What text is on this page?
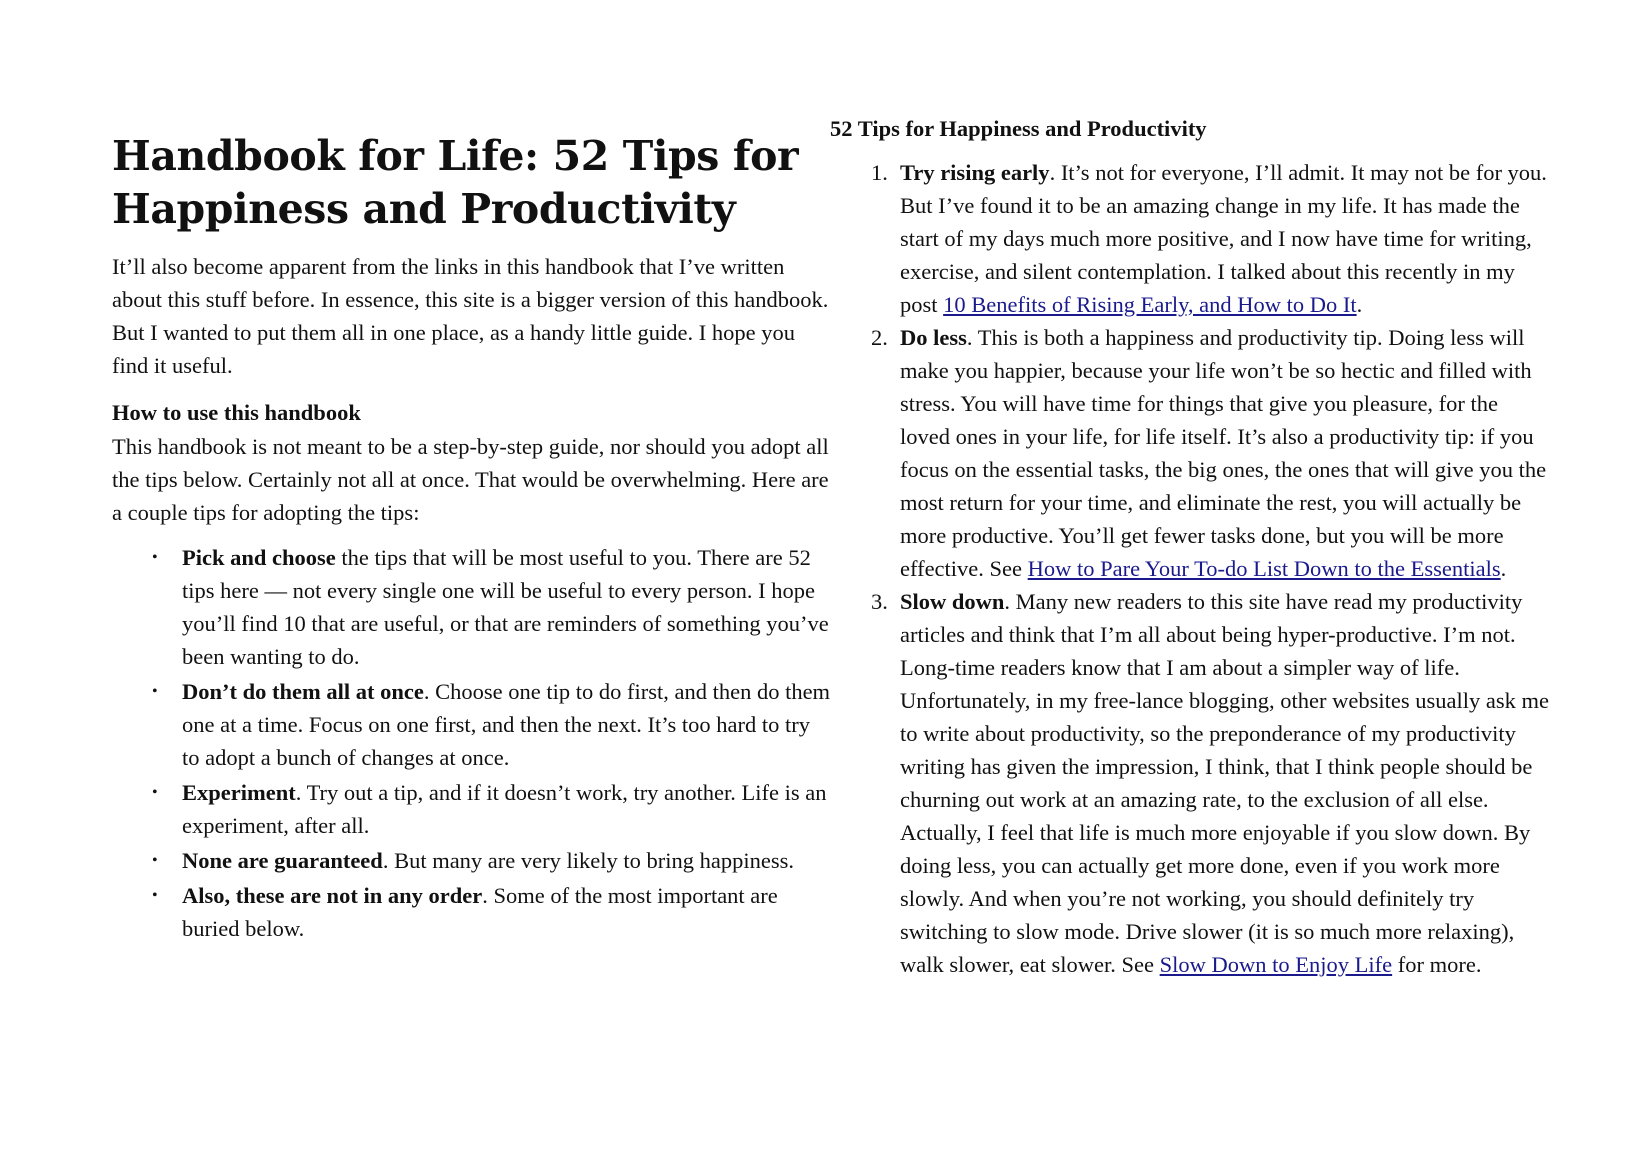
Handbook for Life: 52 Tips for Happiness and Productivity

It’ll also become apparent from the links in this handbook that I’ve written about this stuff before. In essence, this site is a bigger version of this handbook. But I wanted to put them all in one place, as a handy little guide. I hope you find it useful.

How to use this handbook

This handbook is not meant to be a step-by-step guide, nor should you adopt all the tips below. Certainly not all at once. That would be overwhelming. Here are a couple tips for adopting the tips:

• Pick and choose the tips that will be most useful to you. There are 52 tips here — not every single one will be useful to every person. I hope you’ll find 10 that are useful, or that are reminders of something you’ve been wanting to do.
• Don’t do them all at once. Choose one tip to do first, and then do them one at a time. Focus on one first, and then the next. It’s too hard to try to adopt a bunch of changes at once.
• Experiment. Try out a tip, and if it doesn’t work, try another. Life is an experiment, after all.
• None are guaranteed. But many are very likely to bring happiness.
• Also, these are not in any order. Some of the most important are buried below.
52 Tips for Happiness and Productivity
1. Try rising early. It’s not for everyone, I’ll admit. It may not be for you. But I’ve found it to be an amazing change in my life. It has made the start of my days much more positive, and I now have time for writing, exercise, and silent contemplation. I talked about this recently in my post 10 Benefits of Rising Early, and How to Do It.
2. Do less. This is both a happiness and productivity tip. Doing less will make you happier, because your life won’t be so hectic and filled with stress. You will have time for things that give you pleasure, for the loved ones in your life, for life itself. It’s also a productivity tip: if you focus on the essential tasks, the big ones, the ones that will give you the most return for your time, and eliminate the rest, you will actually be more productive. You’ll get fewer tasks done, but you will be more effective. See How to Pare Your To-do List Down to the Essentials.
3. Slow down. Many new readers to this site have read my productivity articles and think that I’m all about being hyper-productive. I’m not. Long-time readers know that I am about a simpler way of life. Unfortunately, in my free-lance blogging, other websites usually ask me to write about productivity, so the preponderance of my productivity writing has given the impression, I think, that I think people should be churning out work at an amazing rate, to the exclusion of all else. Actually, I feel that life is much more enjoyable if you slow down. By doing less, you can actually get more done, even if you work more slowly. And when you’re not working, you should definitely try switching to slow mode. Drive slower (it is so much more relaxing), walk slower, eat slower. See Slow Down to Enjoy Life for more.
